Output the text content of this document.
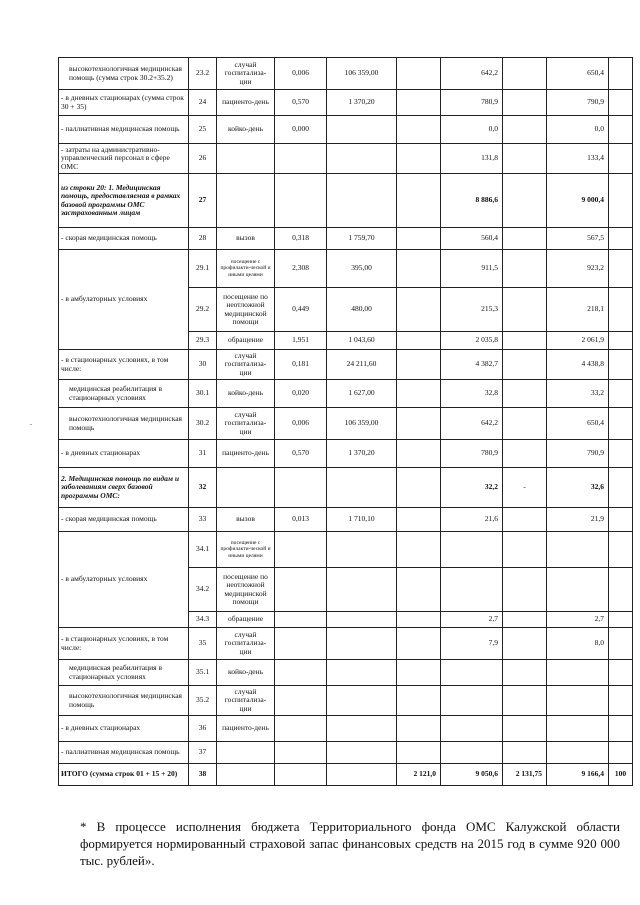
.
высокотехнологичная медицинская помощь (сумма строк 30.2+35.2)	23.2	случай госпитализа-ции	0,006	106 359,00		642,2		650,4	
- в дневных стационарах (сумма строк 30 + 35)	24	пациенто-день	0,570	1 370,20		780,9		790,9	
- паллиативная медицинская помощь	25	койко-день	0,000			0,0		0,0	
- затраты на административно-управленческий персонал в сфере ОМС	26					131,8		133,4	
из строки 20: 1. Медицинская помощь, предоставляемая в рамках базовой программы ОМС застрахованным лицам	27					8 886,6		9 000,4	
- скорая медицинская помощь	28	вызов	0,318	1 759,70		560,4		567,5	
- в амбулаторных условиях	29.1	посещение с профилакти-ческой и иными целями	2,308	395,00		911,5		923,2	
	29.2	посещение по неотложной медицинской помощи	0,449	480,00		215,3		218,1	
	29.3	обращение	1,951	1 043,60		2 035,8		2 061,9	
- в стационарных условиях, в том числе:	30	случай госпитализа-ции	0,181	24 211,60		4 382,7		4 438,8	
медицинская реабилитация в стационарных условиях	30.1	койко-день	0,020	1 627,00		32,8		33,2	
высокотехнологичная медицинская помощь	30.2	случай госпитализа-ции	0,006	106 359,00		642,2		650,4	
- в дневных стационарах	31	пациенто-день	0,570	1 370,20		780,9		790,9	
2. Медицинская помощь по видам и заболеваниям сверх базовой программы ОМС:	32					32,2	-	32,6	
- скорая медицинская помощь	33	вызов	0,013	1 710,10		21,6		21,9	
- в амбулаторных условиях	34.1	посещение с профилакти-ческой и иными целями							
	34.2	посещение по неотложной медицинской помощи							
	34.3	обращение				2,7		2,7	
- в стационарных условиях, в том числе:	35	случай госпитализа-ции				7,9		8,0	
медицинская реабилитация в стационарных условиях	35.1	койко-день							
высокотехнологичная медицинская помощь	35.2	случай госпитализа-ции							
- в дневных стационарах	36	пациенто-день							
- паллиативная медицинская помощь	37								
ИТОГО (сумма строк 01 + 15 + 20)	38				2 121,0	9 050,6	2 131,75	9 166,4	100

* В процессе исполнения бюджета Территориального фонда ОМС Калужской области формируется нормированный страховой запас финансовых средств на 2015 год в сумме 920 000 тыс. рублей».
